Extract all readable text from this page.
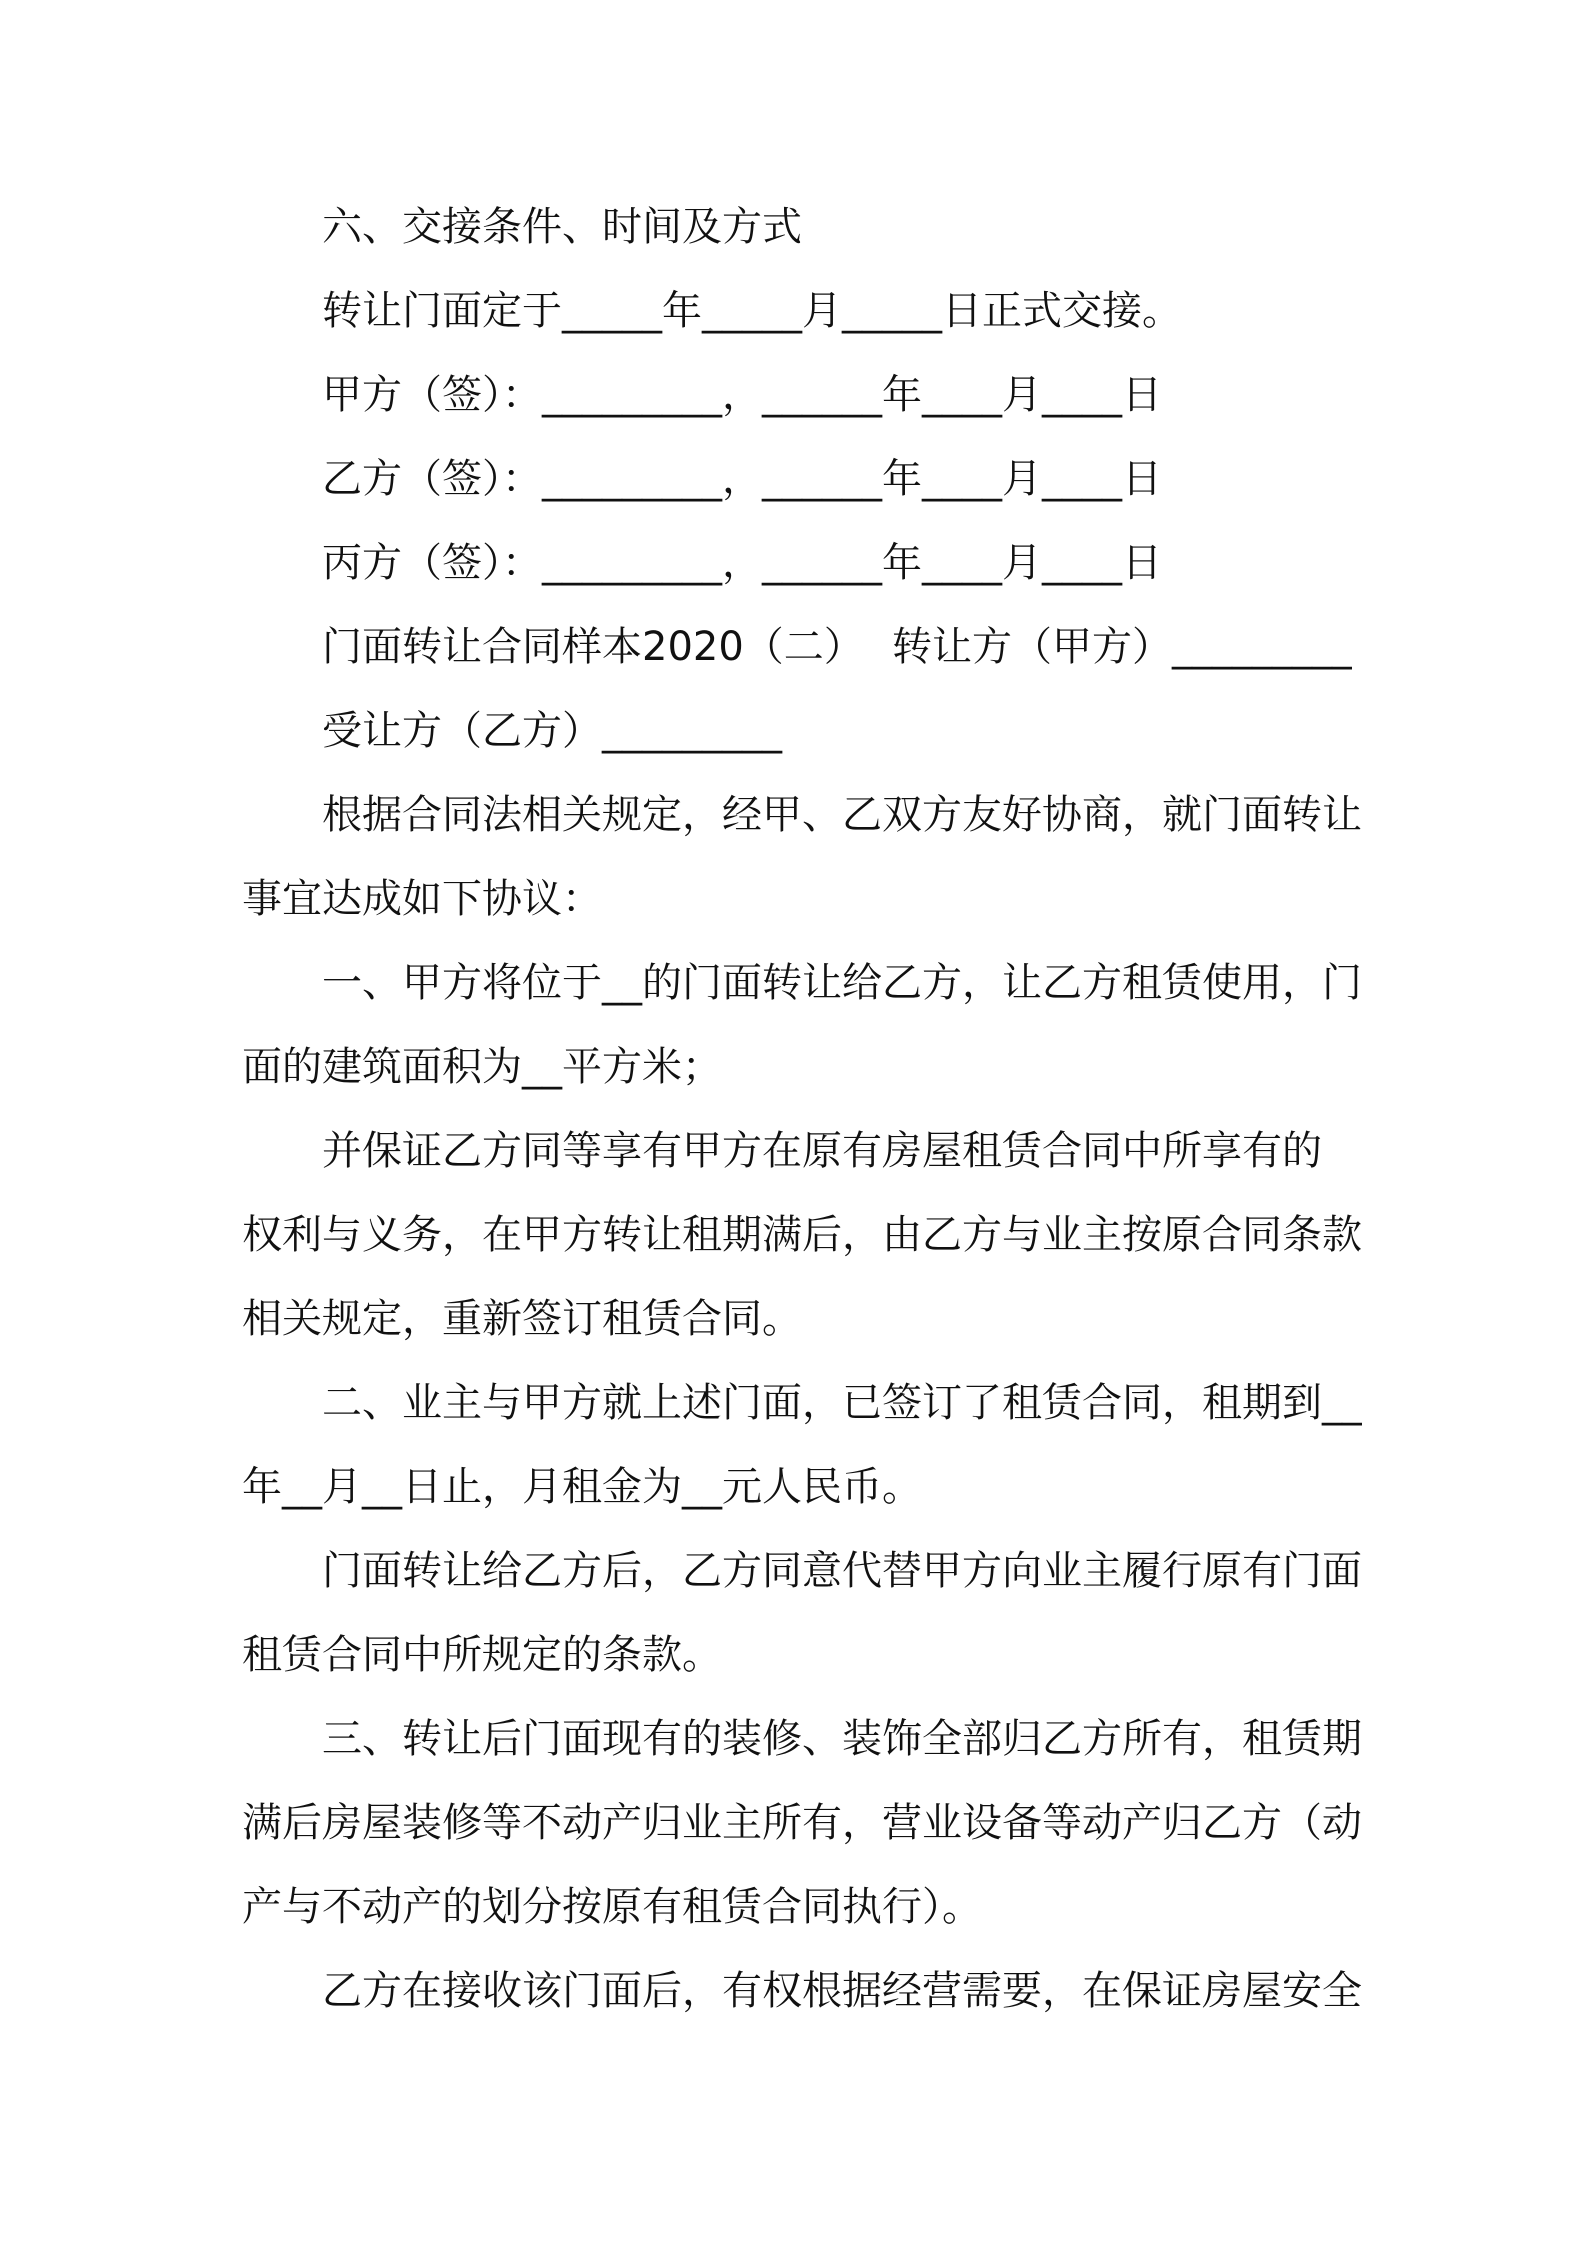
六、交接条件、时间及方式
转让门面定于_____年_____月_____日正式交接。
甲方（签）：_________，______年____月____日
乙方（签）：_________，______年____月____日
丙方（签）：_________，______年____月____日
门面转让合同样本2020（二） 转让方（甲方）_________
受让方（乙方）_________
根据合同法相关规定，经甲、乙双方友好协商，就门面转让
事宜达成如下协议：
一、甲方将位于__的门面转让给乙方，让乙方租赁使用，门
面的建筑面积为__平方米；
并保证乙方同等享有甲方在原有房屋租赁合同中所享有的
权利与义务，在甲方转让租期满后，由乙方与业主按原合同条款
相关规定，重新签订租赁合同。
二、业主与甲方就上述门面，已签订了租赁合同，租期到__
年__月__日止，月租金为__元人民币。
门面转让给乙方后，乙方同意代替甲方向业主履行原有门面
租赁合同中所规定的条款。
三、转让后门面现有的装修、装饰全部归乙方所有，租赁期
满后房屋装修等不动产归业主所有，营业设备等动产归乙方（动
产与不动产的划分按原有租赁合同执行）。
乙方在接收该门面后，有权根据经营需要，在保证房屋安全
